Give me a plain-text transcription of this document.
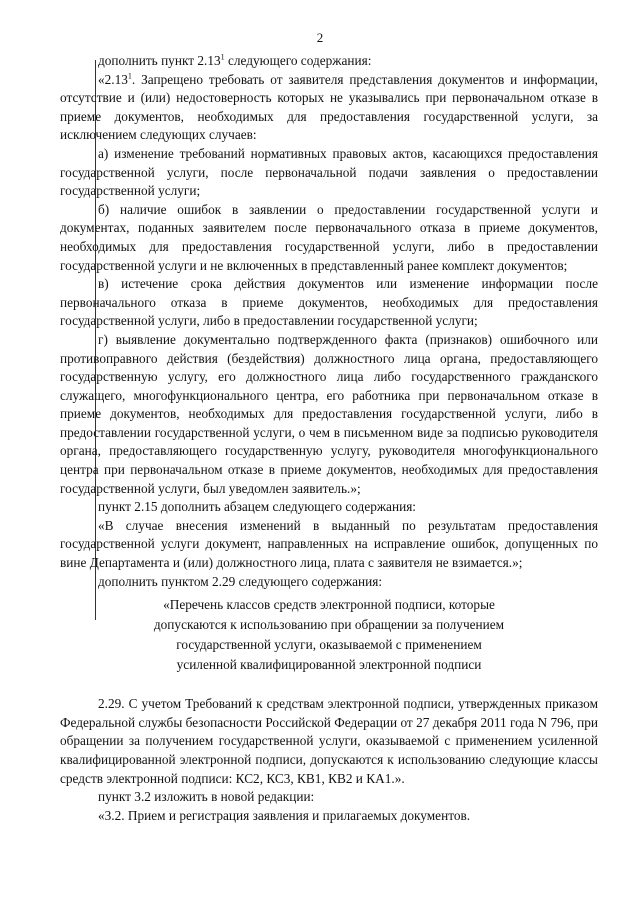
2

дополнить пункт 2.13$^1$ следующего содержания:

«2.13$^1$. Запрещено требовать от заявителя представления документов и информации, отсутствие и (или) недостоверность которых не указывались при первоначальном отказе в приеме документов, необходимых для предоставления государственной услуги, за исключением следующих случаев:

а) изменение требований нормативных правовых актов, касающихся предоставления государственной услуги, после первоначальной подачи заявления о предоставлении государственной услуги;

б) наличие ошибок в заявлении о предоставлении государственной услуги и документах, поданных заявителем после первоначального отказа в приеме документов, необходимых для предоставления государственной услуги, либо в предоставлении государственной услуги и не включенных в представленный ранее комплект документов;

в) истечение срока действия документов или изменение информации после первоначального отказа в приеме документов, необходимых для предоставления государственной услуги, либо в предоставлении государственной услуги;

г) выявление документально подтвержденного факта (признаков) ошибочного или противоправного действия (бездействия) должностного лица органа, предоставляющего государственную услугу, его должностного лица либо государственного гражданского служащего, многофункционального центра, его работника при первоначальном отказе в приеме документов, необходимых для предоставления государственной услуги, либо в предоставлении государственной услуги, о чем в письменном виде за подписью руководителя органа, предоставляющего государственную услугу, руководителя многофункционального центра при первоначальном отказе в приеме документов, необходимых для предоставления государственной услуги, был уведомлен заявитель.»;

пункт 2.15 дополнить абзацем следующего содержания:

«В случае внесения изменений в выданный по результатам предоставления государственной услуги документ, направленных на исправление ошибок, допущенных по вине Департамента и (или) должностного лица, плата с заявителя не взимается.»;

дополнить пунктом 2.29 следующего содержания:

«Перечень классов средств электронной подписи, которые
допускаются к использованию при обращении за получением
государственной услуги, оказываемой с применением
усиленной квалифицированной электронной подписи

2.29. С учетом Требований к средствам электронной подписи, утвержденных приказом Федеральной службы безопасности Российской Федерации от 27 декабря 2011 года N 796, при обращении за получением государственной услуги, оказываемой с применением усиленной квалифицированной электронной подписи, допускаются к использованию следующие классы средств электронной подписи: КС2, КС3, КВ1, КВ2 и КА1.».

пункт 3.2 изложить в новой редакции:

«3.2. Прием и регистрация заявления и прилагаемых документов.
